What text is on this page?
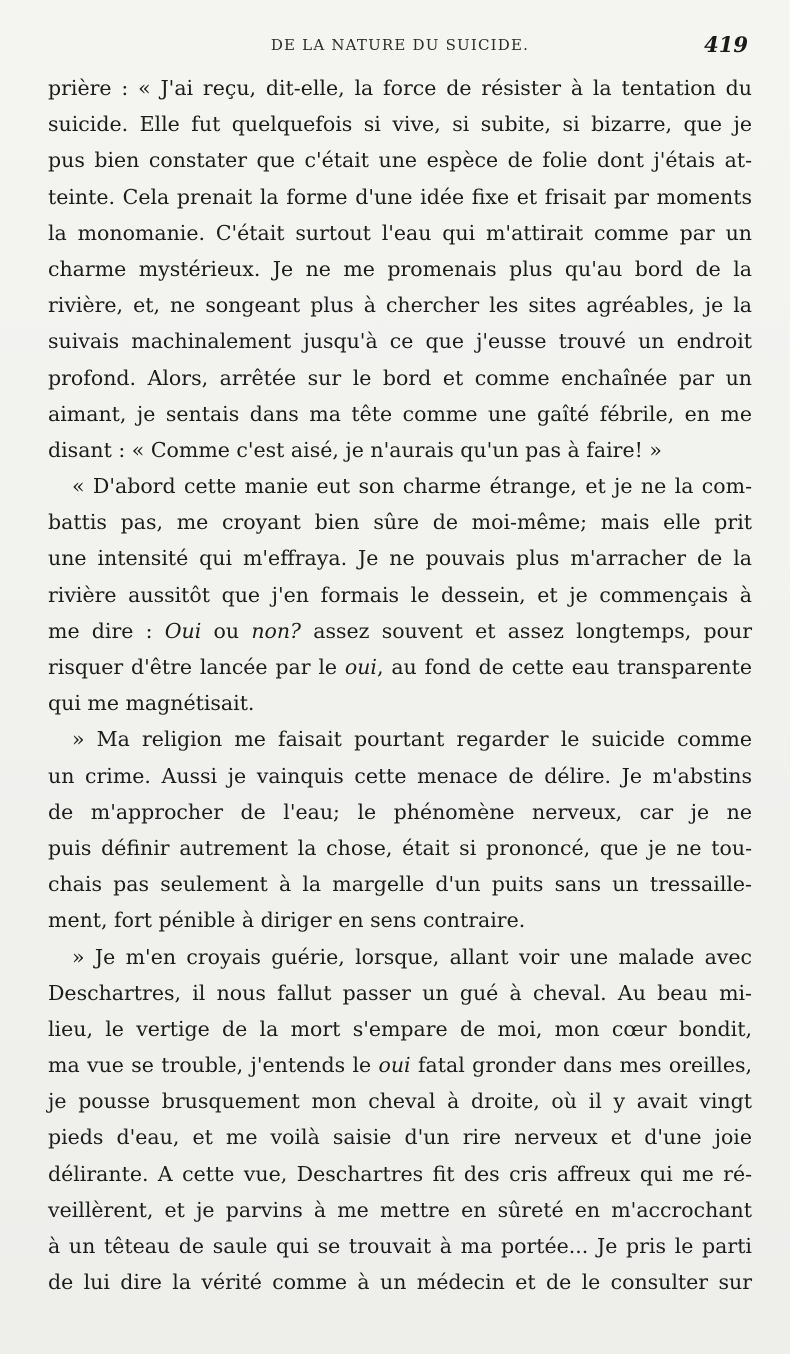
DE LA NATURE DU SUICIDE.	419
prière : « J'ai reçu, dit-elle, la force de résister à la tentation du
suicide. Elle fut quelquefois si vive, si subite, si bizarre, que je
pus bien constater que c'était une espèce de folie dont j'étais at-
teinte. Cela prenait la forme d'une idée fixe et frisait par moments
la monomanie. C'était surtout l'eau qui m'attirait comme par un
charme mystérieux. Je ne me promenais plus qu'au bord de la
rivière, et, ne songeant plus à chercher les sites agréables, je la
suivais machinalement jusqu'à ce que j'eusse trouvé un endroit
profond. Alors, arrêtée sur le bord et comme enchaînée par un
aimant, je sentais dans ma tête comme une gaîté fébrile, en me
disant : « Comme c'est aisé, je n'aurais qu'un pas à faire! »
« D'abord cette manie eut son charme étrange, et je ne la com-
battis pas, me croyant bien sûre de moi-même; mais elle prit
une intensité qui m'effraya. Je ne pouvais plus m'arracher de la
rivière aussitôt que j'en formais le dessein, et je commençais à
me dire : Oui ou non? assez souvent et assez longtemps, pour
risquer d'être lancée par le oui, au fond de cette eau transparente
qui me magnétisait.
» Ma religion me faisait pourtant regarder le suicide comme
un crime. Aussi je vainquis cette menace de délire. Je m'abstins
de m'approcher de l'eau; le phénomène nerveux, car je ne
puis définir autrement la chose, était si prononcé, que je ne tou-
chais pas seulement à la margelle d'un puits sans un tressaille-
ment, fort pénible à diriger en sens contraire.
» Je m'en croyais guérie, lorsque, allant voir une malade avec
Deschartres, il nous fallut passer un gué à cheval. Au beau mi-
lieu, le vertige de la mort s'empare de moi, mon cœur bondit,
ma vue se trouble, j'entends le oui fatal gronder dans mes oreilles,
je pousse brusquement mon cheval à droite, où il y avait vingt
pieds d'eau, et me voilà saisie d'un rire nerveux et d'une joie
délirante. A cette vue, Deschartres fit des cris affreux qui me ré-
veillèrent, et je parvins à me mettre en sûreté en m'accrochant
à un têteau de saule qui se trouvait à ma portée... Je pris le parti
de lui dire la vérité comme à un médecin et de le consulter sur
